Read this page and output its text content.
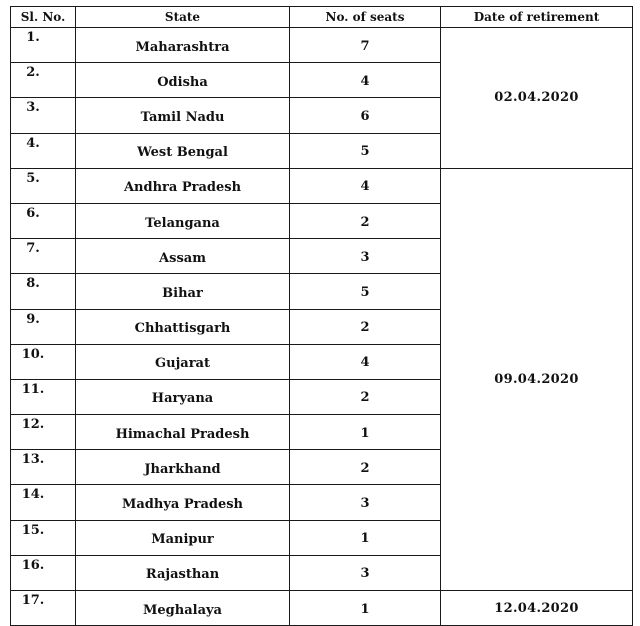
Sl. No.	State	No. of seats	Date of retirement
1.	Maharashtra	7	02.04.2020
2.	Odisha	4	
3.	Tamil Nadu	6	
4.	West Bengal	5	
5.	Andhra Pradesh	4	09.04.2020
6.	Telangana	2	
7.	Assam	3	
8.	Bihar	5	
9.	Chhattisgarh	2	
10.	Gujarat	4	
11.	Haryana	2	
12.	Himachal Pradesh	1	
13.	Jharkhand	2	
14.	Madhya Pradesh	3	
15.	Manipur	1	
16.	Rajasthan	3	
17.	Meghalaya	1	12.04.2020
